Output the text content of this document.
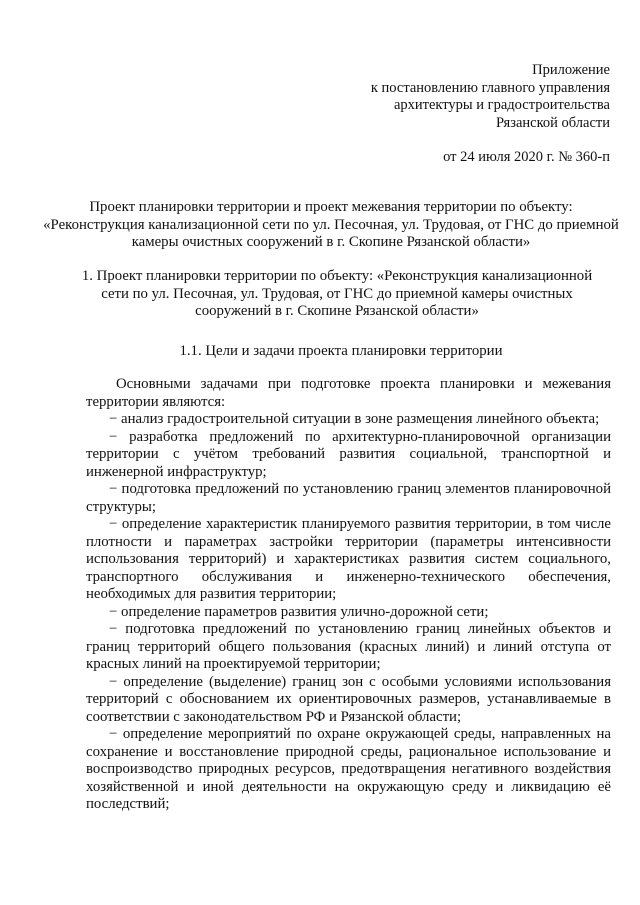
Приложение
к постановлению главного управления
архитектуры и градостроительства
Рязанской области
от 24 июля 2020 г. № 360-п
Проект планировки территории и проект межевания территории по объекту: «Реконструкция канализационной сети по ул. Песочная, ул. Трудовая, от ГНС до приемной камеры очистных сооружений в г. Скопине Рязанской области»
1. Проект планировки территории по объекту: «Реконструкция канализационной сети по ул. Песочная, ул. Трудовая, от ГНС до приемной камеры очистных сооружений в г. Скопине Рязанской области»
1.1. Цели и задачи проекта планировки территории

Основными задачами при подготовке проекта планировки и межевания территории являются:

− анализ градостроительной ситуации в зоне размещения линейного объекта;

− разработка предложений по архитектурно-планировочной организации территории с учётом требований развития социальной, транспортной и инженерной инфраструктур;

− подготовка предложений по установлению границ элементов планировочной структуры;

− определение характеристик планируемого развития территории, в том числе плотности и параметрах застройки территории (параметры интенсивности использования территорий) и характеристиках развития систем социального, транспортного обслуживания и инженерно-технического обеспечения, необходимых для развития территории;

− определение параметров развития улично-дорожной сети;

− подготовка предложений по установлению границ линейных объектов и границ территорий общего пользования (красных линий) и линий отступа от красных линий на проектируемой территории;

− определение (выделение) границ зон с особыми условиями использования территорий с обоснованием их ориентировочных размеров, устанавливаемые в соответствии с законодательством РФ и Рязанской области;

− определение мероприятий по охране окружающей среды, направленных на сохранение и восстановление природной среды, рациональное использование и воспроизводство природных ресурсов, предотвращения негативного воздействия хозяйственной и иной деятельности на окружающую среду и ликвидацию её последствий;
